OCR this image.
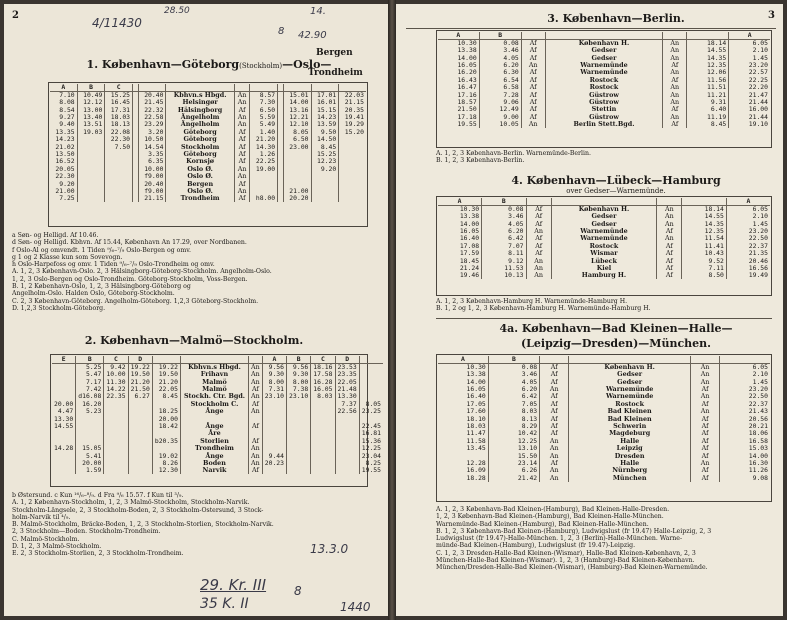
2
4/11430
28.50	14.
42.90
8
1. København—Göteborg(Stockholm)—Oslo—
Bergen
Trondheim
A	B	C									
7.10	10.49	15.25		20.40	Kbhvn.s Hbgd.	An	8.57		15.01	17.01	22.03
8.08	12.12	16.45		21.45	Helsingør	An	7.30		14.00	16.01	21.15
8.54	13.00	17.31		22.32	Hälsingborg	Af	6.50		13.16	15.15	20.35
9.27	13.40	18.03		22.58	Ängelholm	An	5.59		12.21	14.23	19.41
9.40	13.51	18.13		23.29	Ängelholm	An	5.49		12.10	13.59	19.29
13.35	19.03	22.08		3.20	Göteborg	Af	1.40		8.05	9.50	15.20
14.23		22.30		10.50	Göteborg	Af	21.20		6.50	14.50	
21.02		7.50		14.54	Stockholm	Af	14.30		23.00	8.45	
13.50				3.35	Göteborg	Af	1.26			15.25	
16.52				6.35	Kornsjø	Af	22.25			12.23	
20.05				10.00	Oslo Ø.	An	19.00			9.20	
22.30				f9.00	Oslo Ø.	An					
9.20				20.40	Bergen	Af					
21.00				f9.00	Oslo Ø.	An			21.00		
7.25				21.15	Trondheim	Af	h8.00		20.20		
a Søn- og Helligd. Af 10.46.
d Søn- og Helligd. Kbhvn. Af 15.44, København An 17.29, over Nordbanen.
f Oslo-Ål og omvendt. 1 Tiden ⁹/₆–⁷/₉ Oslo-Bergen og omv.
g 1 og 2 Klasse kun som Sovevogn.
h Oslo-Harpefoss og omv. 1 Tiden ⁹/₆–⁷/₉ Oslo-Trondheim og omv.
A. 1, 2, 3 København-Oslo. 2, 3 Hälsingborg-Göteborg-Stockholm. Ängelholm-Oslo.
1, 2, 3 Oslo-Bergen og Oslo-Trondheim. Göteborg-Stockholm, Voss-Bergen.
B. 1, 2 København-Oslo, 1, 2, 3 Hälsingborg-Göteborg og
Ängelholm-Oslo. Halden Oslo, Göteborg-Stockholm.
C. 2, 3 København-Göteborg. Ängelholm-Göteborg. 1,2,3 Göteborg-Stockholm.
D. 1,2,3 Stockholm-Göteborg.
2. København—Malmö—Stockholm.
E	B	C	D				A	B	C	D	
	5.25	9.42	19.22	19.22	Kbhvn.s Hbgd.	An	9.56	9.56	18.16	23.53	
	5.47	10.00	19.50	19.50	Frihavn	An	9.30	9.30	17.58	23.35	
	7.17	11.30	21.20	21.20	Malmö	An	8.00	8.00	16.28	22.05	
	7.42	14.22	21.50	22.05	Malmö	Af	7.31	7.38	16.05	21.48	
	d16.08	22.35	6.27	8.45	Stockh. Ctr. Bgd.	An	23.10	23.10	8.03	13.30	
20.00	16.20				Stockholm C.	Af				7.37	8.05
4.47	5.23			18.25	Ånge	An				22.56	23.25
13.30				20.00							
14.55				18.42	Ånge	Af					22.45
					Åre						16.81
				b20.35	Storlien	Af					15.36
14.28	15.05				Trondheim	An					12.25
	5.41			19.02	Ånge	An	9.44				23.04
	20.00			8.26	Boden	An	20.23				8.25
	1.59			12.30	Narvik	Af					19.55
b Østersund. c Kun ¹⁶/₆–⁸/₉. d Fra ⁹/₆ 15.57. f Kun til ³/₉.
A. 1, 2 København-Stockholm, 1, 2, 3 Malmö-Stockholm, Stockholm-Narvik.
Stockholm-Långsele, 2, 3 Stockholm-Boden, 2, 3 Stockholm-Östersund, 3 Stock-
holm-Narvik til ⁴/₉.
B. Malmö-Stockholm, Bräcke-Boden, 1, 2, 3 Stockholm-Storlien, Stockholm-Narvik.
2, 3 Stockholm—Boden. Stockholm-Trondheim.
C. Malmö-Stockholm.
D. 1, 2, 3 Malmö-Stockholm.
E. 2, 3 Stockholm-Storlien, 2, 3 Stockholm-Trondheim.	13.3.0
29. Kr. III
35 K. II
8
1440
3
3. København—Berlin.
A	B					A
10.30	0.08	Af	København H.	An	18.14	6.05
13.38	3.46	Af	Gedser	An	14.55	2.10
14.00	4.05	Af	Gedser	An	14.35	1.45
16.05	6.20	An	Warnemünde	Af	12.35	23.20
16.20	6.30	Af	Warnemünde	An	12.06	22.57
16.43	6.54	Af	Rostock	Af	11.56	22.25
16.47	6.58	Af	Rostock	An	11.51	22.20
17.16	7.28	Af	Güstrow	An	11.21	21.47
18.57	9.06	Af	Güstrow	An	9.31	21.44
21.50	12.49	Af	Stettin	Af	6.40	16.00
17.18	9.00	Af	Güstrow	An	11.19	21.44
19.55	10.05	An	Berlin Stett.Bgd.	Af	8.45	19.10
A. 1, 2, 3 København-Berlin. Warnemünde-Berlin.
B. 1, 2, 3 København-Berlin.
4. København—Lübeck—Hamburg
over Gedser—Warnemünde.
A	B					A
10.30	0.08	Af	København H.	An	18.14	6.05
13.38	3.46	Af	Gedser	An	14.55	2.10
14.00	4.05	Af	Gedser	An	14.35	1.45
16.05	6.20	An	Warnemünde	Af	12.35	23.20
16.40	6.42	Af	Warnemünde	An	11.54	22.50
17.08	7.07	Af	Rostock	Af	11.41	22.37
17.59	8.11	Af	Wismar	Af	10.43	21.35
18.45	9.12	An	Lübeck	Af	9.52	20.46
21.24	11.53	An	Kiel	Af	7.11	16.56
19.46	10.13	An	Hamburg H.	Af	8.50	19.49
A. 1, 2, 3 København-Hamburg H. Warnemünde-Hamburg H.
B. 1, 2 og 1, 2, 3 København-Hamburg H. Warnemünde-Hamburg H.
4a. København—Bad Kleinen—Halle—
(Leipzig—Dresden)—München.
A	B				
10.30	0.08	Af	København H.	An	6.05
13.38	3.46	Af	Gedser	An	2.10
14.00	4.05	Af	Gedser	An	1.45
16.05	6.20	An	Warnemünde	Af	23.20
16.40	6.42	Af	Warnemünde	An	22.50
17.05	7.05	Af	Rostock	Af	22.37
17.60	8.03	Af	Bad Kleinen	An	21.43
18.10	8.13	Af	Bad Kleinen	Af	20.56
18.03	8.29	Af	Schwerin	Af	20.21
11.47	10.42	Af	Magdeburg	Af	18.06
11.58	12.25	An	Halle	Af	16.58
13.45	13.10	An	Leipzig	Af	15.03
	15.50	An	Dresden	Af	14.00
12.28	23.14	Af	Halle	An	16.30
16.09	6.26	An	Nürnberg	Af	11.26
18.28	21.42	An	München	Af	9.08
A. 1, 2, 3 København-Bad Kleinen-(Hamburg), Bad Kleinen-Halle-Dresden.
1, 2, 3 København-Bad Kleinen-(Hamburg), Bad Kleinen-Halle-München.
Warnemünde-Bad Kleinen-(Hamburg), Bad Kleinen-Halle-München.
B. 1, 2, 3 København-Bad Kleinen-(Hamburg), Ludwigslust (fr 19.47) Halle-Leipzig, 2, 3
Ludwigslust (fr 19.47)-Halle-München. 1, 2, 3 (Berlin)-Halle-München. Warne-
münde-Bad Kleinen-(Hamburg), Ludwigslust (fr 19.47)-Leipzig.
C. 1, 2, 3 Dresden-Halle-Bad Kleinen-(Wismar), Halle-Bad Kleinen-København, 2, 3
München-Halle-Bad Kleinen-(Wismar). 1, 2, 3 (Hamburg)-Bad Kleinen-København.
München/Dresden-Halle-Bad Kleinen-(Wismar), (Hamburg)-Bad Kleinen-Warnemünde.
